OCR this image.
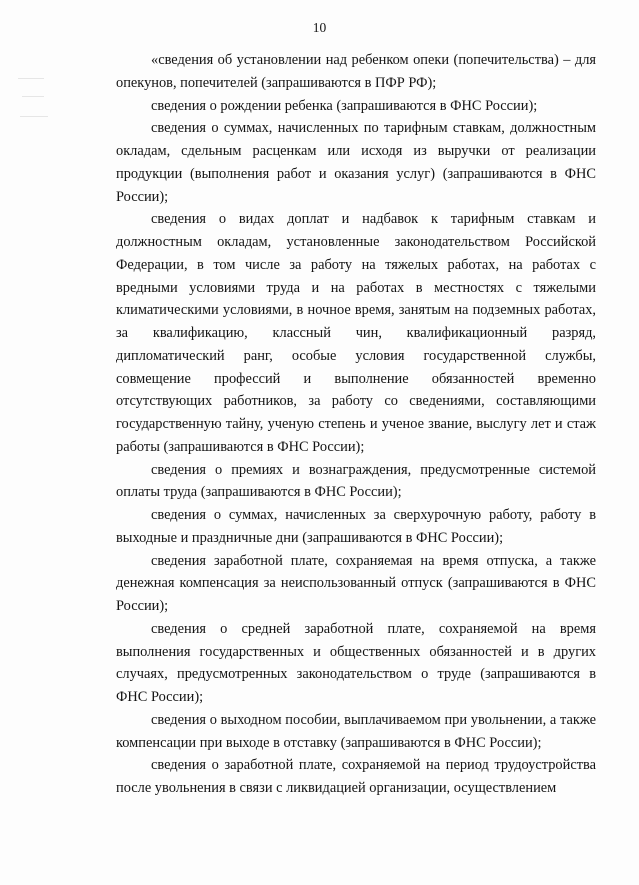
10

«сведения об установлении над ребенком опеки (попечительства) – для опекунов, попечителей (запрашиваются в ПФР РФ);

сведения о рождении ребенка (запрашиваются в ФНС России);

сведения о суммах, начисленных по тарифным ставкам, должностным окладам, сдельным расценкам или исходя из выручки от реализации продукции (выполнения работ и оказания услуг) (запрашиваются в ФНС России);

сведения о видах доплат и надбавок к тарифным ставкам и должностным окладам, установленные законодательством Российской Федерации, в том числе за работу на тяжелых работах, на работах с вредными условиями труда и на работах в местностях с тяжелыми климатическими условиями, в ночное время, занятым на подземных работах, за квалификацию, классный чин, квалификационный разряд, дипломатический ранг, особые условия государственной службы, совмещение профессий и выполнение обязанностей временно отсутствующих работников, за работу со сведениями, составляющими государственную тайну, ученую степень и ученое звание, выслугу лет и стаж работы (запрашиваются в ФНС России);

сведения о премиях и вознаграждения, предусмотренные системой оплаты труда (запрашиваются в ФНС России);

сведения о суммах, начисленных за сверхурочную работу, работу в выходные и праздничные дни (запрашиваются в ФНС России);

сведения заработной плате, сохраняемая на время отпуска, а также денежная компенсация за неиспользованный отпуск (запрашиваются в ФНС России);

сведения о средней заработной плате, сохраняемой на время выполнения государственных и общественных обязанностей и в других случаях, предусмотренных законодательством о труде (запрашиваются в ФНС России);

сведения о выходном пособии, выплачиваемом при увольнении, а также компенсации при выходе в отставку (запрашиваются в ФНС России);

сведения о заработной плате, сохраняемой на период трудоустройства после увольнения в связи с ликвидацией организации, осуществлением
